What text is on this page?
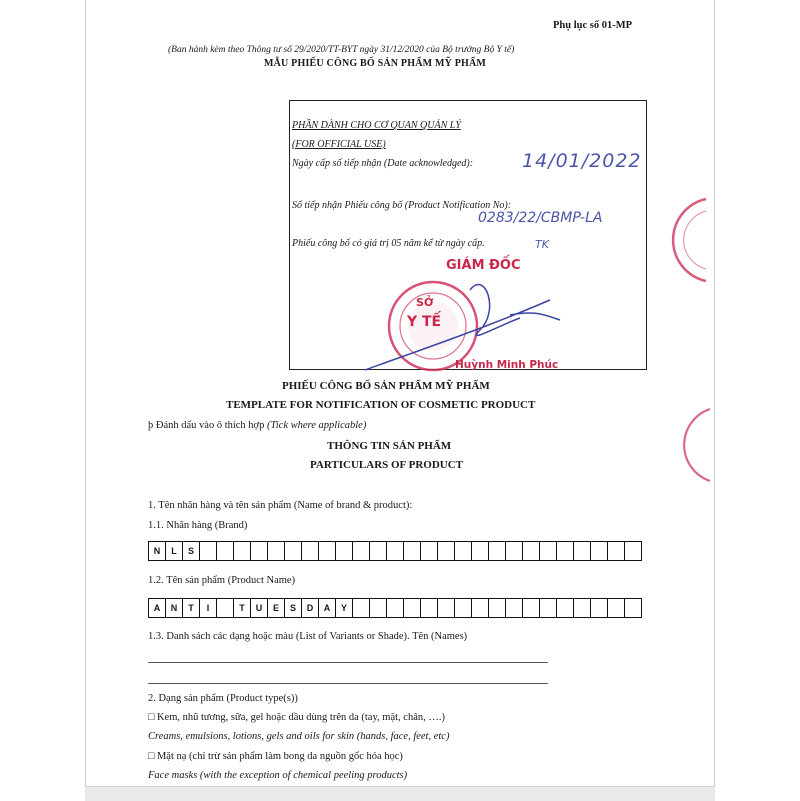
Phụ lục số 01-MP
(Ban hành kèm theo Thông tư số 29/2020/TT-BYT ngày 31/12/2020 của Bộ trưởng Bộ Y tế)
MẪU PHIẾU CÔNG BỐ SẢN PHẨM MỸ PHẨM
PHẦN DÀNH CHO CƠ QUAN QUẢN LÝ
(FOR OFFICIAL USE)
Ngày cấp số tiếp nhận (Date acknowledged):	14/01/2022
Số tiếp nhận Phiếu công bố (Product Notification No):
0283/22/CBMP-LA
Phiếu công bố có giá trị 05 năm kể từ ngày cấp.	TK
SỞ
Y TẾ
GIÁM ĐỐC
Huỳnh Minh Phúc
PHIẾU CÔNG BỐ SẢN PHẨM MỸ PHẨM
TEMPLATE FOR NOTIFICATION OF COSMETIC PRODUCT
þ Đánh dấu vào ô thích hợp (Tick where applicable)
THÔNG TIN SẢN PHẨM
PARTICULARS OF PRODUCT
1. Tên nhãn hàng và tên sản phẩm (Name of brand & product):
1.1. Nhãn hàng (Brand)
N	L	S
1.2. Tên sản phẩm (Product Name)
A	N	T	I	T	U	E	S	D	A	Y
1.3. Danh sách các dạng hoặc màu (List of Variants or Shade). Tên (Names)
2. Dạng sản phẩm (Product type(s))
□ Kem, nhũ tương, sữa, gel hoặc dầu dùng trên da (tay, mặt, chân, ….)
Creams, emulsions, lotions, gels and oils for skin (hands, face, feet, etc)
□ Mặt nạ (chỉ trừ sản phẩm làm bong da nguồn gốc hóa học)
Face masks (with the exception of chemical peeling products)
